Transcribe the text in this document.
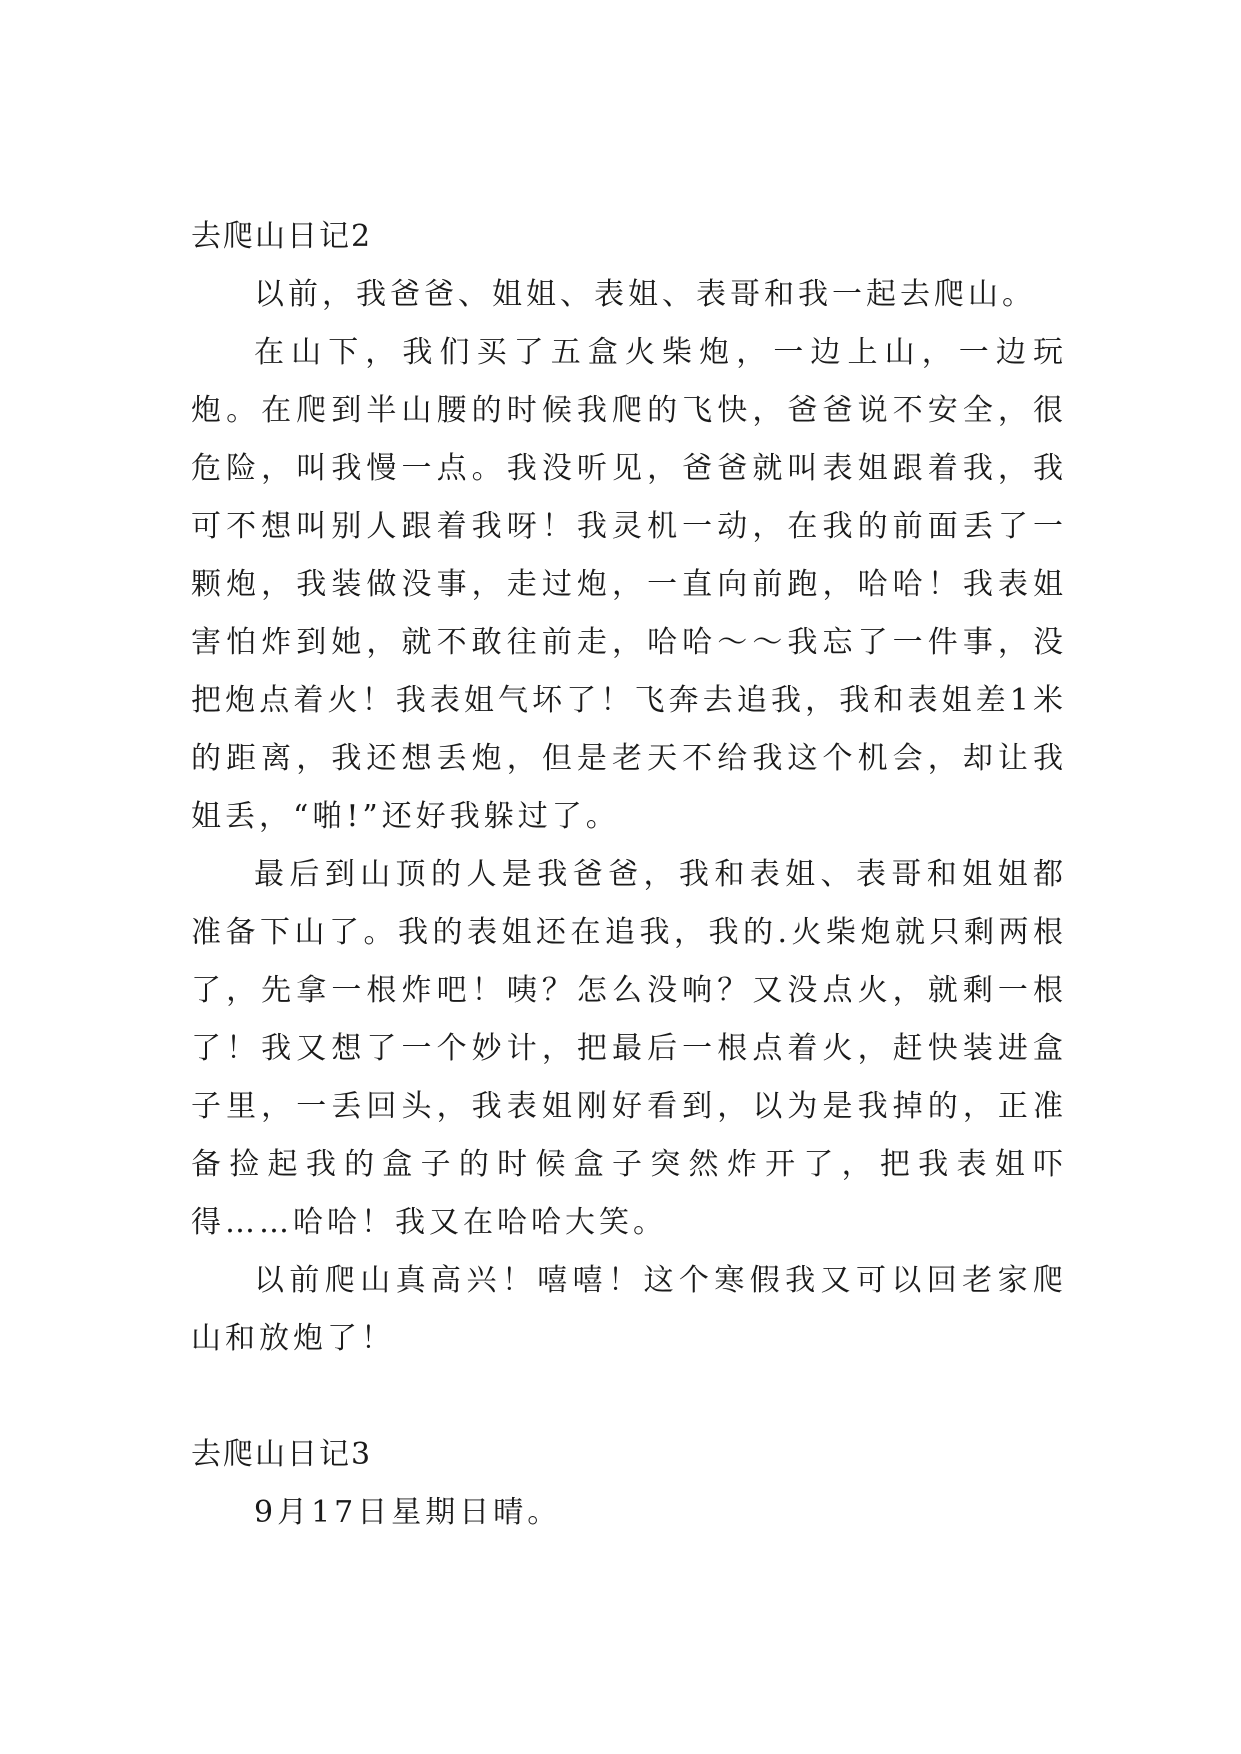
去爬山日记2

以前，我爸爸、姐姐、表姐、表哥和我一起去爬山。

在山下，我们买了五盒火柴炮，一边上山，一边玩炮。在爬到半山腰的时候我爬的飞快，爸爸说不安全，很危险，叫我慢一点。我没听见，爸爸就叫表姐跟着我，我可不想叫别人跟着我呀！我灵机一动，在我的前面丢了一颗炮，我装做没事，走过炮，一直向前跑，哈哈！我表姐害怕炸到她，就不敢往前走，哈哈～～我忘了一件事，没把炮点着火！我表姐气坏了！飞奔去追我，我和表姐差1米的距离，我还想丢炮，但是老天不给我这个机会，却让我姐丢，“啪!”还好我躲过了。

最后到山顶的人是我爸爸，我和表姐、表哥和姐姐都准备下山了。我的表姐还在追我，我的.火柴炮就只剩两根了，先拿一根炸吧！咦？怎么没响？又没点火，就剩一根了！我又想了一个妙计，把最后一根点着火，赶快装进盒子里，一丢回头，我表姐刚好看到，以为是我掉的，正准备捡起我的盒子的时候盒子突然炸开了，把我表姐吓得……哈哈！我又在哈哈大笑。

以前爬山真高兴！嘻嘻！这个寒假我又可以回老家爬山和放炮了！

去爬山日记3

9月17日星期日晴。
